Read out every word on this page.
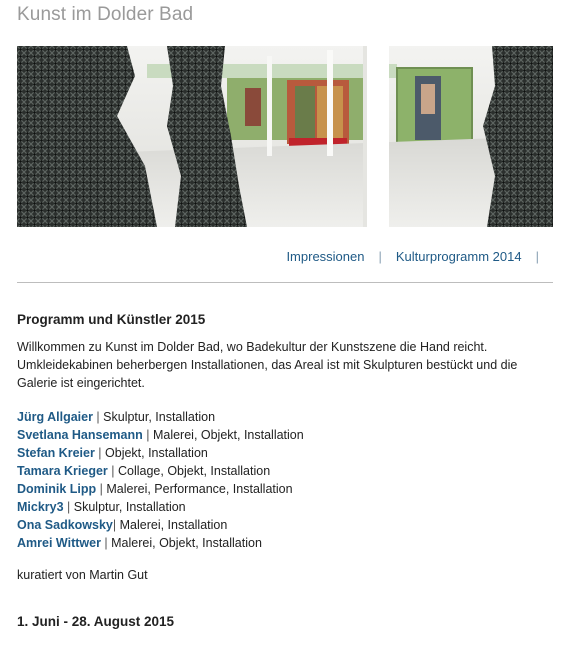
Kunst im Dolder Bad
Impressionen | Kulturprogramm 2014 |
Programm und Künstler 2015

Willkommen zu Kunst im Dolder Bad, wo Badekultur der Kunstszene die Hand reicht. Umkleidekabinen beherbergen Installationen, das Areal ist mit Skulpturen bestückt und die Galerie ist eingerichtet.

Jürg Allgaier | Skulptur, Installation
Svetlana Hansemann | Malerei, Objekt, Installation
Stefan Kreier | Objekt, Installation
Tamara Krieger | Collage, Objekt, Installation
Dominik Lipp | Malerei, Performance, Installation
Mickry3 | Skulptur, Installation
Ona Sadkowsky| Malerei, Installation
Amrei Wittwer | Malerei, Objekt, Installation

kuratiert von Martin Gut

1. Juni - 28. August 2015
